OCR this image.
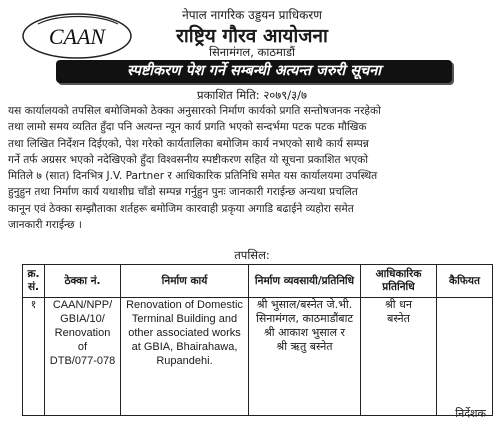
CAAN
नेपाल नागरिक उड्डयन प्राधिकरण
राष्ट्रिय गौरव आयोजना
सिनामंगल, काठमाडौं
स्पष्टीकरण पेश गर्ने सम्बन्धी अत्यन्त जरुरी सूचना
प्रकाशित मिति: २०७९/३/७
यस कार्यालयको तपसिल बमोजिमको ठेक्का अनुसारको निर्माण कार्यको प्रगति सन्तोषजनक नरहेको
तथा लामो समय व्यतित हुँदा पनि अत्यन्त न्यून कार्य प्रगति भएको सन्दर्भमा पटक पटक मौखिक
तथा लिखित निर्देशन दिईएको, पेश गरेको कार्यतालिका बमोजिम कार्य नभएको साथै कार्य सम्पन्न
गर्ने तर्फ अग्रसर भएको नदेखिएको हुँदा विश्वसनीय स्पष्टीकरण सहित यो सूचना प्रकाशित भएको
मितिले ७ (सात) दिनभित्र J.V. Partner र आधिकारिक प्रतिनिधि समेत यस कार्यालयमा उपस्थित
हुनुहुन तथा निर्माण कार्य यथाशीघ्र चाँडो सम्पन्न गर्नुहुन पुनः जानकारी गराईन्छ अन्यथा प्रचलित
कानून एवं ठेक्का सम्झौताका शर्तहरू बमोजिम कारवाही प्रकृया अगाडि बढाईने व्यहोरा समेत
जानकारी गराईन्छ ।
तपसिल:
क्र. सं.	ठेक्का नं.	निर्माण कार्य	निर्माण व्यवसायी/प्रतिनिधि	आधिकारिक प्रतिनिधि	कैफियत
१	CAAN/NPP/
GBIA/10/
Renovation
of
DTB/077-078	Renovation of Domestic
Terminal Building and
other associated works
at GBIA, Bhairahawa,
Rupandehi.	श्री भुसाल/बस्नेत जे.भी.
सिनामंगल, काठमाडौंबाट
श्री आकाश भुसाल र
श्री ऋतु बस्नेत	श्री धन
बस्नेत	
निर्देशक
